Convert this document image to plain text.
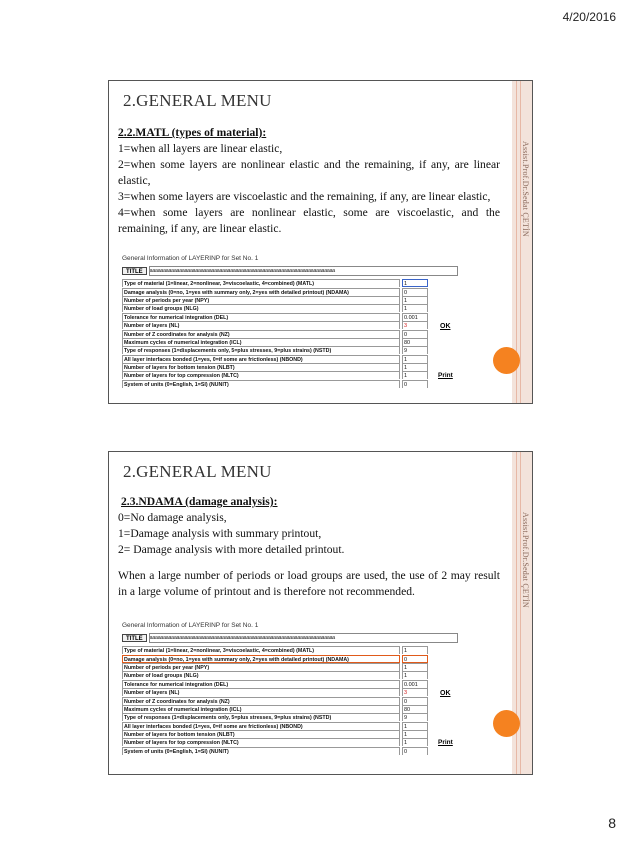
4/20/2016
Assist.Prof.Dr.Sedat ÇETİN
2.GENERAL MENU
2.2.MATL (types of material):
1=when all layers are linear elastic,
2=when some layers are nonlinear elastic and the remaining, if any, are linear elastic,
3=when some layers are viscoelastic and the remaining, if any, are linear elastic,
4=when some layers are nonlinear elastic, some are viscoelastic, and the remaining, if any, are linear elastic.
General Information of LAYERINP for Set No. 1
TITLE	aaaaaaaaaaaaaaaaaaaaaaaaaaaaaaaaaaaaaaaaaaaaaaaaaaaaaaaaaaaaaaaaaaaaa
Type of material (1=linear, 2=nonlinear, 3=viscoelastic, 4=combined) (MATL)	1
Damage analysis (0=no, 1=yes with summary only, 2=yes with detailed printout) (NDAMA)	0
Number of periods per year (NPY)	1
Number of load groups (NLG)	1
Tolerance for numerical integration (DEL)	0.001
Number of layers (NL)	3
Number of Z coordinates for analysis (NZ)	0
Maximum cycles of numerical integration (ICL)	80
Type of responses (1=displacements only, 5=plus stresses, 9=plus strains) (NSTD)	9
All layer interfaces bonded (1=yes, 0=if some are frictionless) (NBOND)	1
Number of layers for bottom tension (NLBT)	1
Number of layers for top compression (NLTC)	1
System of units (0=English, 1=SI) (NUNIT)	0
OK
Print
Assist.Prof.Dr.Sedat ÇETİN
2.GENERAL MENU
2.3.NDAMA (damage analysis):
0=No damage analysis,
1=Damage analysis with summary printout,
2= Damage analysis with more detailed printout.
When a large number of periods or load groups are used, the use of 2 may result in a large volume of printout and is therefore not recommended.
General Information of LAYERINP for Set No. 1
TITLE	aaaaaaaaaaaaaaaaaaaaaaaaaaaaaaaaaaaaaaaaaaaaaaaaaaaaaaaaaaaaaaaaaaaaa
Type of material (1=linear, 2=nonlinear, 3=viscoelastic, 4=combined) (MATL)	1
Damage analysis (0=no, 1=yes with summary only, 2=yes with detailed printout) (NDAMA)	0
Number of periods per year (NPY)	1
Number of load groups (NLG)	1
Tolerance for numerical integration (DEL)	0.001
Number of layers (NL)	3
Number of Z coordinates for analysis (NZ)	0
Maximum cycles of numerical integration (ICL)	80
Type of responses (1=displacements only, 5=plus stresses, 9=plus strains) (NSTD)	9
All layer interfaces bonded (1=yes, 0=if some are frictionless) (NBOND)	1
Number of layers for bottom tension (NLBT)	1
Number of layers for top compression (NLTC)	1
System of units (0=English, 1=SI) (NUNIT)	0
OK
Print
8
